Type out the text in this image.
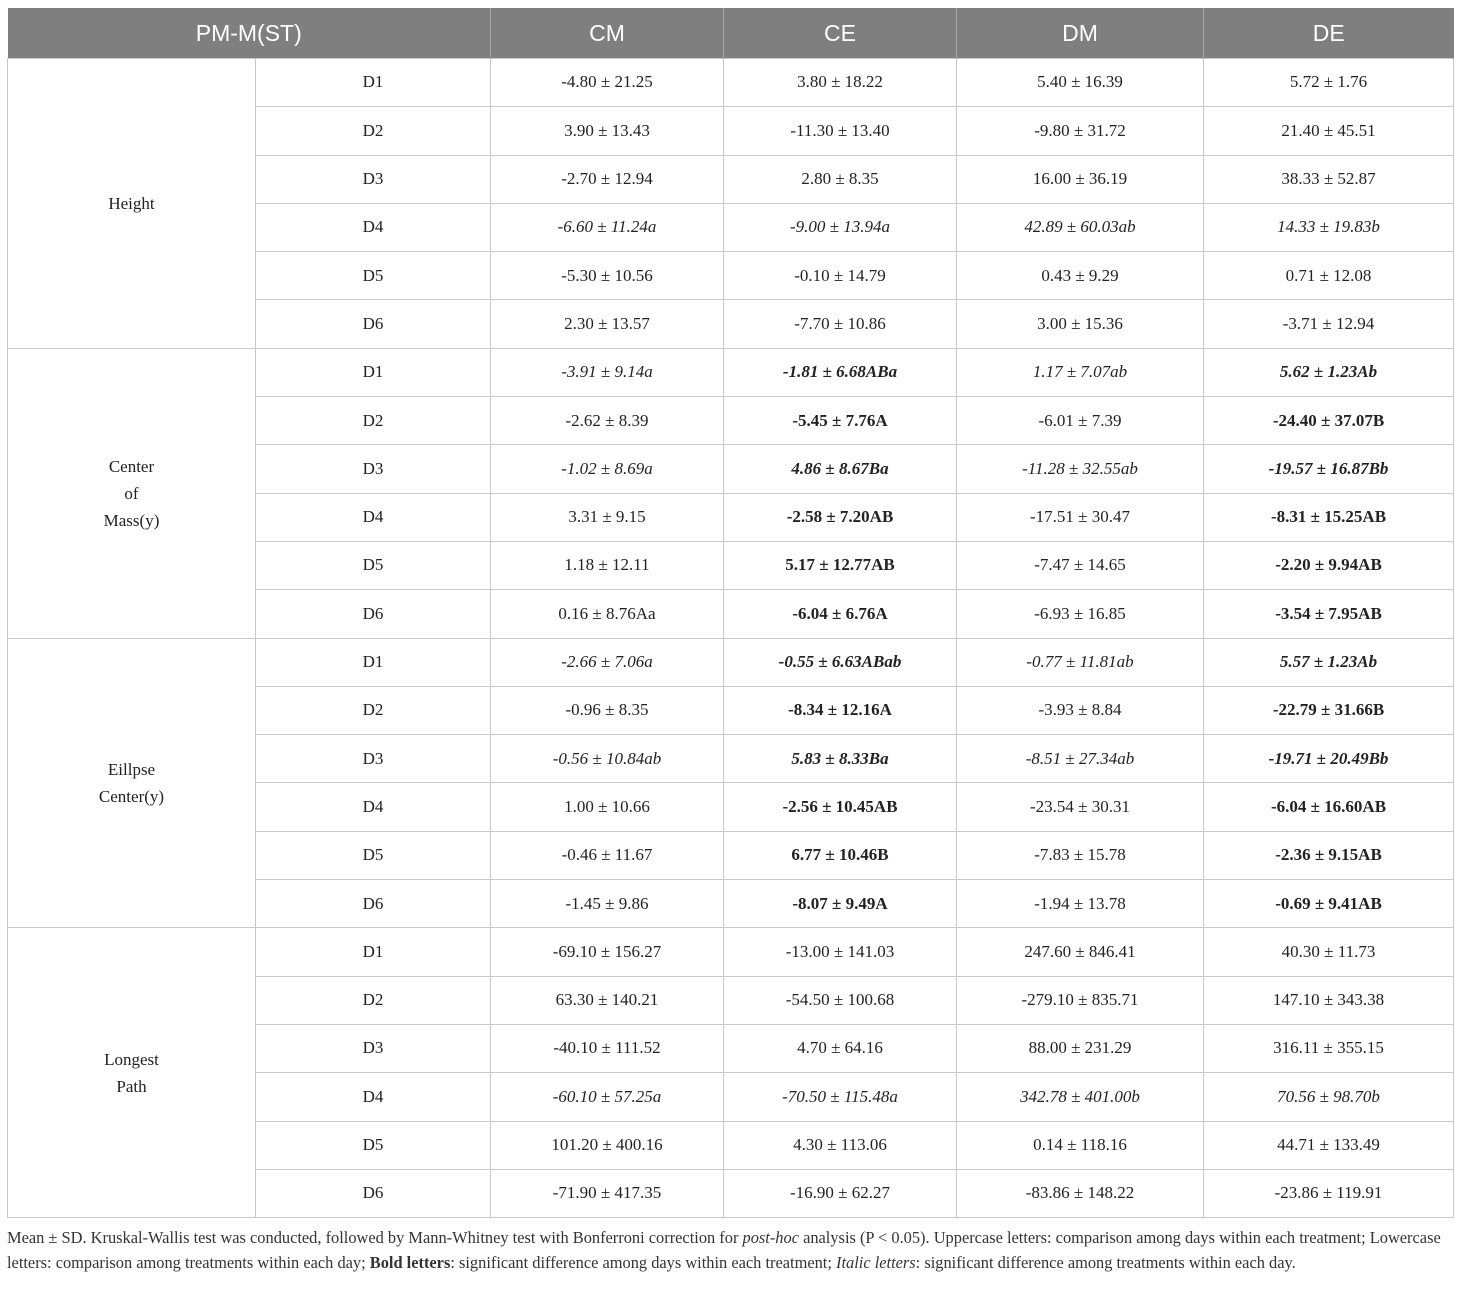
PM-M(ST)		CM	CE	DM	DE
Height	D1	-4.80 ± 21.25	3.80 ± 18.22	5.40 ± 16.39	5.72 ± 1.76
	D2	3.90 ± 13.43	-11.30 ± 13.40	-9.80 ± 31.72	21.40 ± 45.51
	D3	-2.70 ± 12.94	2.80 ± 8.35	16.00 ± 36.19	38.33 ± 52.87
	D4	-6.60 ± 11.24a	-9.00 ± 13.94a	42.89 ± 60.03ab	14.33 ± 19.83b
	D5	-5.30 ± 10.56	-0.10 ± 14.79	0.43 ± 9.29	0.71 ± 12.08
	D6	2.30 ± 13.57	-7.70 ± 10.86	3.00 ± 15.36	-3.71 ± 12.94
Center
of
Mass(y)	D1	-3.91 ± 9.14a	-1.81 ± 6.68ABa	1.17 ± 7.07ab	5.62 ± 1.23Ab
	D2	-2.62 ± 8.39	-5.45 ± 7.76A	-6.01 ± 7.39	-24.40 ± 37.07B
	D3	-1.02 ± 8.69a	4.86 ± 8.67Ba	-11.28 ± 32.55ab	-19.57 ± 16.87Bb
	D4	3.31 ± 9.15	-2.58 ± 7.20AB	-17.51 ± 30.47	-8.31 ± 15.25AB
	D5	1.18 ± 12.11	5.17 ± 12.77AB	-7.47 ± 14.65	-2.20 ± 9.94AB
	D6	0.16 ± 8.76Aa	-6.04 ± 6.76A	-6.93 ± 16.85	-3.54 ± 7.95AB
Eillpse
Center(y)	D1	-2.66 ± 7.06a	-0.55 ± 6.63ABab	-0.77 ± 11.81ab	5.57 ± 1.23Ab
	D2	-0.96 ± 8.35	-8.34 ± 12.16A	-3.93 ± 8.84	-22.79 ± 31.66B
	D3	-0.56 ± 10.84ab	5.83 ± 8.33Ba	-8.51 ± 27.34ab	-19.71 ± 20.49Bb
	D4	1.00 ± 10.66	-2.56 ± 10.45AB	-23.54 ± 30.31	-6.04 ± 16.60AB
	D5	-0.46 ± 11.67	6.77 ± 10.46B	-7.83 ± 15.78	-2.36 ± 9.15AB
	D6	-1.45 ± 9.86	-8.07 ± 9.49A	-1.94 ± 13.78	-0.69 ± 9.41AB
Longest
Path	D1	-69.10 ± 156.27	-13.00 ± 141.03	247.60 ± 846.41	40.30 ± 11.73
	D2	63.30 ± 140.21	-54.50 ± 100.68	-279.10 ± 835.71	147.10 ± 343.38
	D3	-40.10 ± 111.52	4.70 ± 64.16	88.00 ± 231.29	316.11 ± 355.15
	D4	-60.10 ± 57.25a	-70.50 ± 115.48a	342.78 ± 401.00b	70.56 ± 98.70b
	D5	101.20 ± 400.16	4.30 ± 113.06	0.14 ± 118.16	44.71 ± 133.49
	D6	-71.90 ± 417.35	-16.90 ± 62.27	-83.86 ± 148.22	-23.86 ± 119.91
Mean ± SD. Kruskal-Wallis test was conducted, followed by Mann-Whitney test with Bonferroni correction for post-hoc analysis (P < 0.05). Uppercase letters: comparison among days within each treatment; Lowercase letters: comparison among treatments within each day; Bold letters: significant difference among days within each treatment; Italic letters: significant difference among treatments within each day.
